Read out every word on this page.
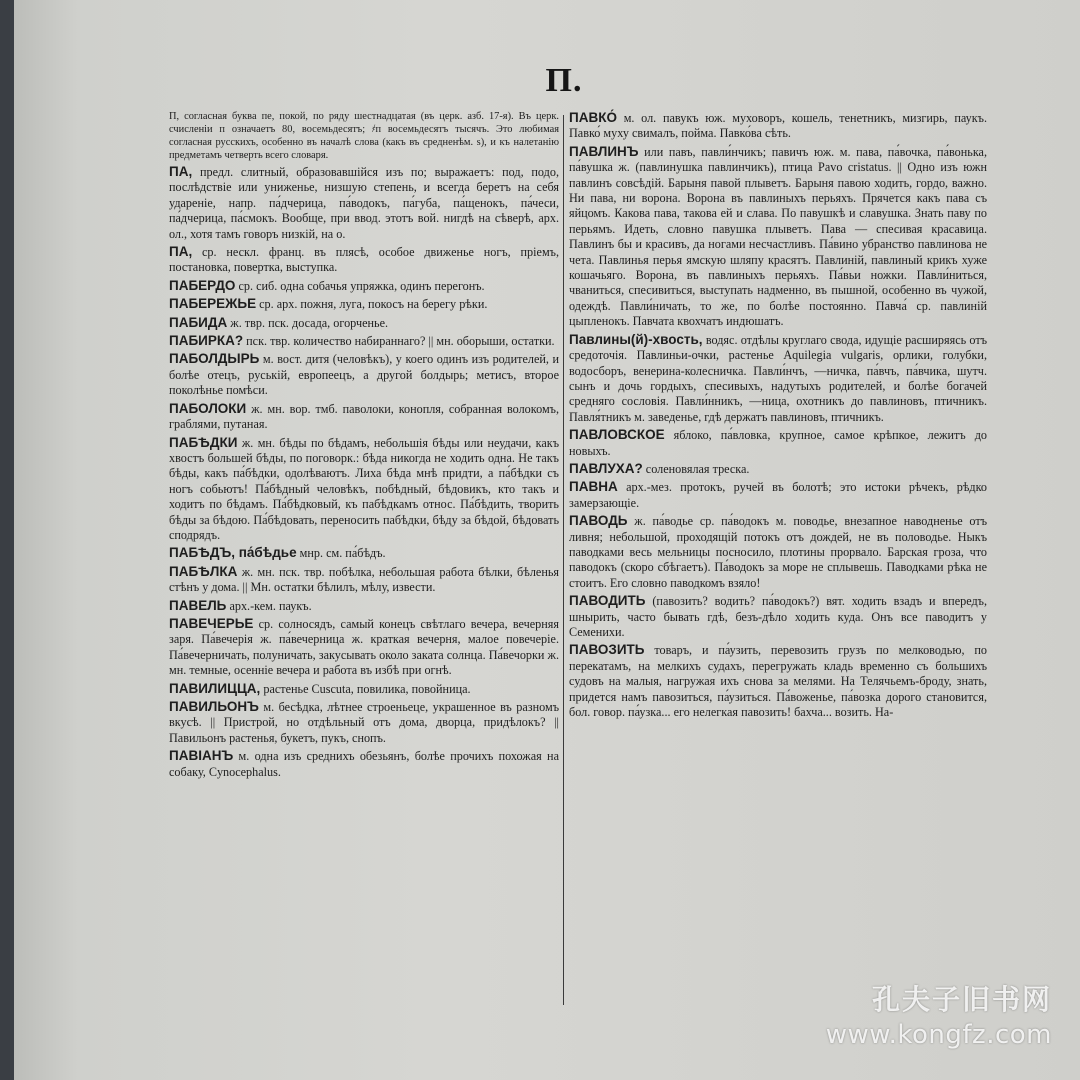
П.
П, согласная буква пе, покой, по ряду шестнадцатая (въ церк. азб. 17-я). Въ церк. счисленiи п означаетъ 80, восемьдесятъ; ҂п восемьдесятъ тысячъ. Это любимая согласная русскихъ, особенно въ началѣ слова (какъ въ средненѣм. s), и къ налетанію предметамъ четверть всего словаря.
ПА, предл. слитный, образовавшійся изъ по; выражаетъ: под, подо, послѣдствіе или униженье, низшую степень, и всегда беретъ на себя удареніе, напр. па́дчерица, па́водокъ, па́губа, па́щенокъ, па́чеси, па́дчерица, па́смокъ. Вообще, при ввод. этотъ вой. нигдѣ на сѣверѣ, арх. ол., хотя тамъ говоръ низкій, на о.
ПА, ср. нескл. франц. въ плясѣ, особое движенье ногъ, пріемъ, постановка, повертка, выступка.
ПАБЕРДО ср. сиб. одна собачья упряжка, одинъ перегонъ.
ПАБЕРЕЖЬЕ ср. арх. пожня, луга, покосъ на берегу рѣки.
ПАБИДА ж. твр. пск. досада, огорченье.
ПАБИРКА? пск. твр. количество набираннаго? || мн. оборыши, остатки.
ПАБОЛДЫРЬ м. вост. дитя (человѣкъ), у коего одинъ изъ родителей, и болѣе отецъ, руській, европеецъ, а другой болдырь; метисъ, второе поколѣнье помѣси.
ПАБОЛОКИ ж. мн. вор. тмб. паволоки, конопля, собранная волокомъ, граблями, путаная.
ПАБѢДКИ ж. мн. бѣды по бѣдамъ, небольшія бѣды или неудачи, какъ хвостъ большей бѣды, по поговорк.: бѣда никогда не ходить одна. Не такъ бѣды, какъ па́бѣдки, одолѣваютъ. Лиха бѣда мнѣ придти, а па́бѣдки съ ногъ собьютъ! Па́бѣдный человѣкъ, побѣдный, бѣдовикъ, кто такъ и ходитъ по бѣдамъ. Па́бѣдковый, къ пабѣдкамъ относ. Па́бѣдить, творить бѣды за бѣдою. Па́бѣдовать, переносить пабѣдки, бѣду за бѣдой, бѣдовать сподрядъ.
ПАБѢДЪ, па́бѣдье мнр. см. па́бѣдъ.
ПАБѢЛКА ж. мн. пск. твр. побѣлка, небольшая работа бѣлки, бѣленья стѣнъ у дома. || Мн. остатки бѣлилъ, мѣлу, извести.
ПАВЕЛЬ арх.-кем. паукъ.
ПАВЕЧЕРЬЕ ср. солносядъ, самый конецъ свѣтлаго вечера, вечерняя заря. Па́вечерія ж. па́вечерница ж. краткая вечерня, малое повечеріе. Па́вечерничать, полуничать, закусывать около заката солнца. Па́вечорки ж. мн. темные, осенніе вечера и работа въ избѣ при огнѣ.
ПАВИЛИЦЦА, растенье Cuscuta, повилика, повойница.
ПАВИЛЬОНЪ м. бесѣдка, лѣтнее строеньеце, украшенное въ разномъ вкусѣ. || Пристрой, но отдѣльный отъ дома, дворца, придѣлокъ? || Павильонъ растенья, букетъ, пукъ, снопъ.
ПАВІАНЪ м. одна изъ среднихъ обезьянъ, болѣе прочихъ похожая на собаку, Cynocephalus.
ПАВКО́ м. ол. павукъ юж. муховоръ, кошель, тенетникъ, мизгирь, паукъ. Павко́ муху свималъ, пойма. Павко́ва сѣть.
ПАВЛИНЪ или павъ, павли́нчикъ; павичъ юж. м. пава, па́вочка, па́вонька, па́вушка ж. (павлинушка павлинчикъ), птица Pavo cristatus. || Одно изъ южн павлинъ совсѣдій. Барыня павой плыветъ. Барыня павою ходить, гордо, важно. Ни пава, ни ворона. Ворона въ павлиныхъ перьяхъ. Прячется какъ пава съ яйцомъ. Какова пава, такова ей и слава. По павушкѣ и славушка. Знать паву по перьямъ. Идеть, словно павушка плыветъ. Пава — спесивая красавица. Павлинъ бы и красивъ, да ногами несчастливъ. Па́вино убранство павлинова не чета. Павлинья перья ямскую шляпу красятъ. Павлиній, павлиный крикъ хуже кошачьяго. Ворона, въ павлиныхъ перьяхъ. Па́вьи ножки. Павли́ниться, чваниться, спесивиться, выступать надменно, въ пышной, особенно въ чужой, одеждѣ. Павли́ничать, то же, по болѣе постоянно. Павча́ ср. павлиній цыпленокъ. Павчата квохчатъ индюшатъ.
Павлины(й)-хвость, водяс. отдѣлы круглаго свода, идущіе расширяясь отъ средоточія. Павлиньи-очки, растенье Aquilegia vulgaris, орлики, голубки, водосборъ, венерина-колесничка. Павли́нчъ, —ничка, па́вчъ, па́вчика, шутч. сынъ и дочь гордыхъ, спесивыхъ, надутыхъ родителей, и болѣе богачей средняго сословія. Павли́нникъ, —ница, охотникъ до павлиновъ, птичникъ. Павля́тникъ м. заведенье, гдѣ держатъ павлиновъ, птичникъ.
ПАВЛОВСКОЕ яблоко, па́вловка, крупное, самое крѣпкое, лежитъ до новыхъ.
ПАВЛУХА? соленовялая треска.
ПАВНА арх.-мез. протокъ, ручей въ болотѣ; это истоки рѣчекъ, рѣдко замерзающіе.
ПАВОДЬ ж. па́водье ср. па́водокъ м. поводье, внезапное наводненье отъ ливня; небольшой, проходящій потокъ отъ дождей, не въ половодье. Ныкъ паводками весь мельницы посносило, плотины прорвало. Барская гроза, что паводокъ (скоро сбѣгаетъ). Па́водокъ за море не сплывешь. Паводками рѣка не стоитъ. Его словно паводкомъ взяло!
ПАВОДИТЬ (павозить? водить? па́водокъ?) вят. ходить взадъ и впередъ, шнырить, часто бывать гдѣ, безъ-дѣло ходить куда. Онъ все паводитъ у Семенихи.
ПАВОЗИТЬ товаръ, и па́узить, перевозить грузъ по мелководью, по перекатамъ, на мелкихъ судахъ, перегружать кладь временно съ большихъ судовъ на малыя, нагружая ихъ снова за мелями. На Телячьемъ-броду, знать, придется намъ павозиться, па́узиться. Па́воженье, па́возка дорого становится, бол. говор. па́узка... его нелегкая павозить! бахча... возить. На-
孔夫子旧书网
www.kongfz.com
